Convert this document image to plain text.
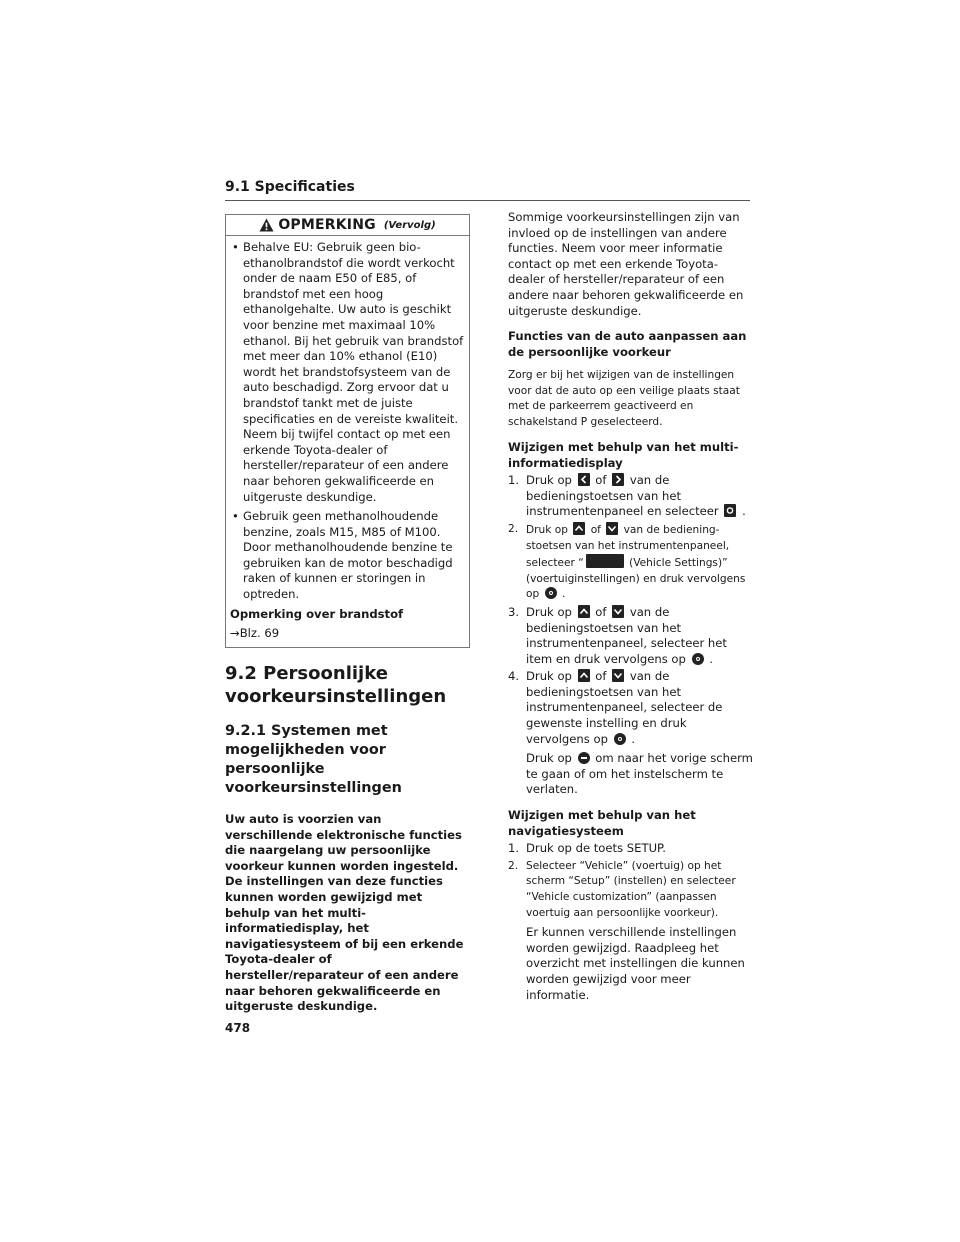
9.1 Specificaties
OPMERKING (Vervolg)
• Behalve EU: Gebruik geen bio-ethanolbrandstof die wordt verkocht onder de naam E50 of E85, of brandstof met een hoog ethanolgehalte. Uw auto is geschikt voor benzine met maximaal 10% ethanol. Bij het gebruik van brandstof met meer dan 10% ethanol (E10) wordt het brandstofsysteem van de auto beschadigd. Zorg ervoor dat u brandstof tankt met de juiste specificaties en de vereiste kwaliteit. Neem bij twijfel contact op met een erkende Toyota-dealer of hersteller/reparateur of een andere naar behoren gekwalificeerde en uitgeruste deskundige.
• Gebruik geen methanolhoudende benzine, zoals M15, M85 of M100. Door methanolhoudende benzine te gebruiken kan de motor beschadigd raken of kunnen er storingen in optreden.
Opmerking over brandstof
→Blz. 69
9.2 Persoonlijke voorkeursinstellingen
9.2.1 Systemen met mogelijkheden voor persoonlijke voorkeursinstellingen
Uw auto is voorzien van verschillende elektronische functies die naargelang uw persoonlijke voorkeur kunnen worden ingesteld. De instellingen van deze functies kunnen worden gewijzigd met behulp van het multi-informatiedisplay, het navigatiesysteem of bij een erkende Toyota-dealer of hersteller/reparateur of een andere naar behoren gekwalificeerde en uitgeruste deskundige.

Sommige voorkeursinstellingen zijn van invloed op de instellingen van andere functies. Neem voor meer informatie contact op met een erkende Toyota-dealer of hersteller/reparateur of een andere naar behoren gekwalificeerde en uitgeruste deskundige.

Functies van de auto aanpassen aan de persoonlijke voorkeur
Zorg er bij het wijzigen van de instellingen voor dat de auto op een veilige plaats staat met de parkeerrem geactiveerd en schakelstand P geselecteerd.
Wijzigen met behulp van het multi-informatiedisplay
1. Druk op of van de bedieningstoetsen van het instrumentenpaneel en selecteer .
2. Druk op of van de bediening-stoetsen van het instrumentenpaneel, selecteer “	(Vehicle Settings)” (voertuiginstellingen) en druk vervolgens op .
3. Druk op of van de bedieningstoetsen van het instrumentenpaneel, selecteer het item en druk vervolgens op .
4. Druk op of van de bedieningstoetsen van het instrumentenpaneel, selecteer de gewenste instelling en druk vervolgens op .
Druk op om naar het vorige scherm te gaan of om het instelscherm te verlaten.
Wijzigen met behulp van het navigatiesysteem
1. Druk op de toets SETUP.
2. Selecteer “Vehicle” (voertuig) op het scherm “Setup” (instellen) en selecteer “Vehicle customization” (aanpassen voertuig aan persoonlijke voorkeur).
Er kunnen verschillende instellingen worden gewijzigd. Raadpleeg het overzicht met instellingen die kunnen worden gewijzigd voor meer informatie.
478
